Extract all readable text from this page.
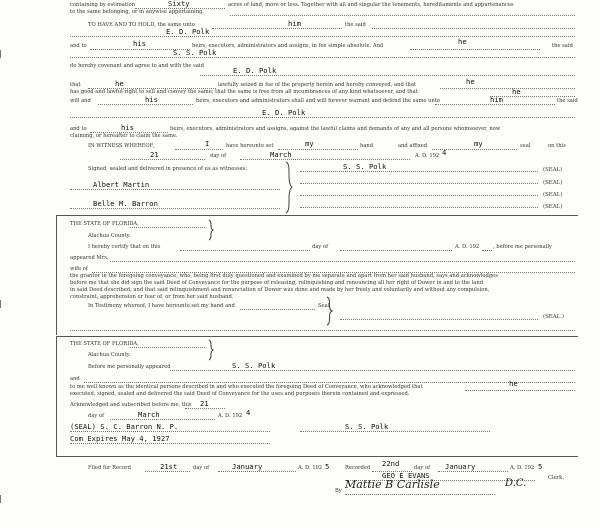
containing by estimation	Sixty	acres of land, more or less. Together with all and singular the tenements, hereditaments and appurtenances
to the same belonging, or in anywise appertaining.
TO HAVE AND TO HOLD, the same unto	him	the said
E. D. Polk
and to	his	heirs, executors, administrators and assigns, in fee simple absolute. And	he	the said
S. S. Polk
do hereby covenant and agree to and with the said	E. D. Polk
that	he	lawfully seized in fee of the property herein and hereby conveyed, and that	he
has good and lawful right to sell and convey the same; that the same is free from all incumbrances of any kind whatsoever, and that	he
will and	his	heirs, executors and administrators shall and will forever warrant and defend the same unto	him	the said
E. D. Polk
and to	his	heirs, executors, administrators and assigns, against the lawful claims and demands of any and all persons whomsoever, now
claiming, or hereafter to claim the same.
IN WITNESS WHEREOF,	I	have hereunto set	my	hand	and affixed	my	seal	on this
21	day of	March	A. D. 192 4
Signed, sealed and delivered in presence of us as witnesses:	S. S. Polk	(SEAL)
Albert Martin	(SEAL)
(SEAL)
Belle M. Barron	(SEAL)
THE STATE OF FLORIDA,
Alachua County.
I hereby certify that on this	day of	A. D. 192	, before me personally
appeared Mrs.
wife of
the grantor in the foregoing conveyance, who, being first duly questioned and examined by me separate and apart from her said husband, says and acknowledges
before me that she did sign the said Deed of Conveyance for the purpose of releasing, relinquishing and renouncing all her right of Dower in and to the land
in said Deed described, and that said relinquishment and renunciation of Dower was done and made by her freely and voluntarily and without any compulsion,
constraint, apprehension or fear of, or from her said husband.
In Testimony whereof, I have hereunto set my hand and	Seal
(SEAL.)
THE STATE OF FLORIDA,
Alachua County.
Before me personally appeared	S. S. Polk
and
to me well known as the identical persons described in and who executed the foregoing Deed of Conveyance, who acknowledged that	he
executed, signed, sealed and delivered the said Deed of Conveyance for the uses and purposes therein contained and expressed.
Acknowledged and subscribed before me, this 21
day of	March	A. D. 192 4
(SEAL) S. C. Barron N. P.	S. S. Polk
Com Expires May 4, 1927
Filed for Record	21st	day of	January	A. D. 192 5	Recorded 22nd	day of January	A. D. 192 5
GEO E EVANS	Clerk.
By Mattie B Carlisle	D.C.
